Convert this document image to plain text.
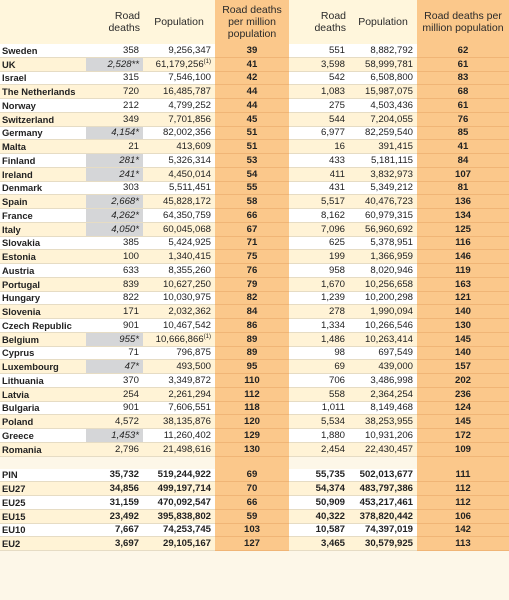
	Road deaths	Population	Road deaths per million population	Road deaths	Population	Road deaths per million population
Sweden	358	9,256,347	39	551	8,882,792	62
UK	2,528**	61,179,256$^{(1)}$	41	3,598	58,999,781	61
Israel	315	7,546,100	42	542	6,508,800	83
The Netherlands	720	16,485,787	44	1,083	15,987,075	68
Norway	212	4,799,252	44	275	4,503,436	61
Switzerland	349	7,701,856	45	544	7,204,055	76
Germany	4,154*	82,002,356	51	6,977	82,259,540	85
Malta	21	413,609	51	16	391,415	41
Finland	281*	5,326,314	53	433	5,181,115	84
Ireland	241*	4,450,014	54	411	3,832,973	107
Denmark	303	5,511,451	55	431	5,349,212	81
Spain	2,668*	45,828,172	58	5,517	40,476,723	136
France	4,262*	64,350,759	66	8,162	60,979,315	134
Italy	4,050*	60,045,068	67	7,096	56,960,692	125
Slovakia	385	5,424,925	71	625	5,378,951	116
Estonia	100	1,340,415	75	199	1,366,959	146
Austria	633	8,355,260	76	958	8,020,946	119
Portugal	839	10,627,250	79	1,670	10,256,658	163
Hungary	822	10,030,975	82	1,239	10,200,298	121
Slovenia	171	2,032,362	84	278	1,990,094	140
Czech Republic	901	10,467,542	86	1,334	10,266,546	130
Belgium	955*	10,666,866$^{(1)}$	89	1,486	10,263,414	145
Cyprus	71	796,875	89	98	697,549	140
Luxembourg	47*	493,500	95	69	439,000	157
Lithuania	370	3,349,872	110	706	3,486,998	202
Latvia	254	2,261,294	112	558	2,364,254	236
Bulgaria	901	7,606,551	118	1,011	8,149,468	124
Poland	4,572	38,135,876	120	5,534	38,253,955	145
Greece	1,453*	11,260,402	129	1,880	10,931,206	172
Romania	2,796	21,498,616	130	2,454	22,430,457	109

PIN	35,732	519,244,922	69	55,735	502,013,677	111
EU27	34,856	499,197,714	70	54,374	483,797,386	112
EU25	31,159	470,092,547	66	50,909	453,217,461	112
EU15	23,492	395,838,802	59	40,322	378,820,442	106
EU10	7,667	74,253,745	103	10,587	74,397,019	142
EU2	3,697	29,105,167	127	3,465	30,579,925	113
